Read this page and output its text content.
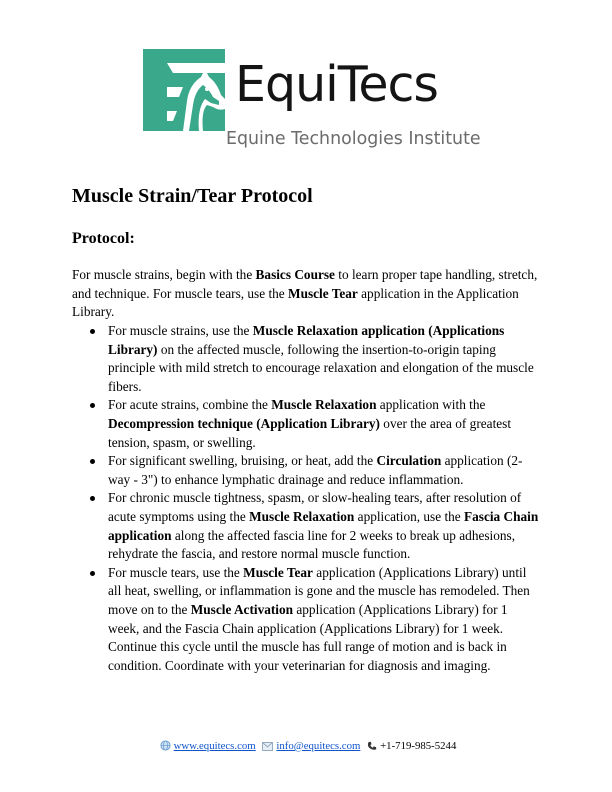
EquiTecs
Equine Technologies Institute
Muscle Strain/Tear Protocol
Protocol:

For muscle strains, begin with the Basics Course to learn proper tape handling, stretch, and technique. For muscle tears, use the Muscle Tear application in the Application Library.

For muscle strains, use the Muscle Relaxation application (Applications Library) on the affected muscle, following the insertion-to-origin taping principle with mild stretch to encourage relaxation and elongation of the muscle fibers.
For acute strains, combine the Muscle Relaxation application with the Decompression technique (Application Library) over the area of greatest tension, spasm, or swelling.
For significant swelling, bruising, or heat, add the Circulation application (2-way - 3") to enhance lymphatic drainage and reduce inflammation.
For chronic muscle tightness, spasm, or slow-healing tears, after resolution of acute symptoms using the Muscle Relaxation application, use the Fascia Chain application along the affected fascia line for 2 weeks to break up adhesions, rehydrate the fascia, and restore normal muscle function.
For muscle tears, use the Muscle Tear application (Applications Library) until all heat, swelling, or inflammation is gone and the muscle has remodeled. Then move on to the Muscle Activation application (Applications Library) for 1 week, and the Fascia Chain application (Applications Library) for 1 week. Continue this cycle until the muscle has full range of motion and is back in condition. Coordinate with your veterinarian for diagnosis and imaging.
www.equitecs.com info@equitecs.com +1-719-985-5244
